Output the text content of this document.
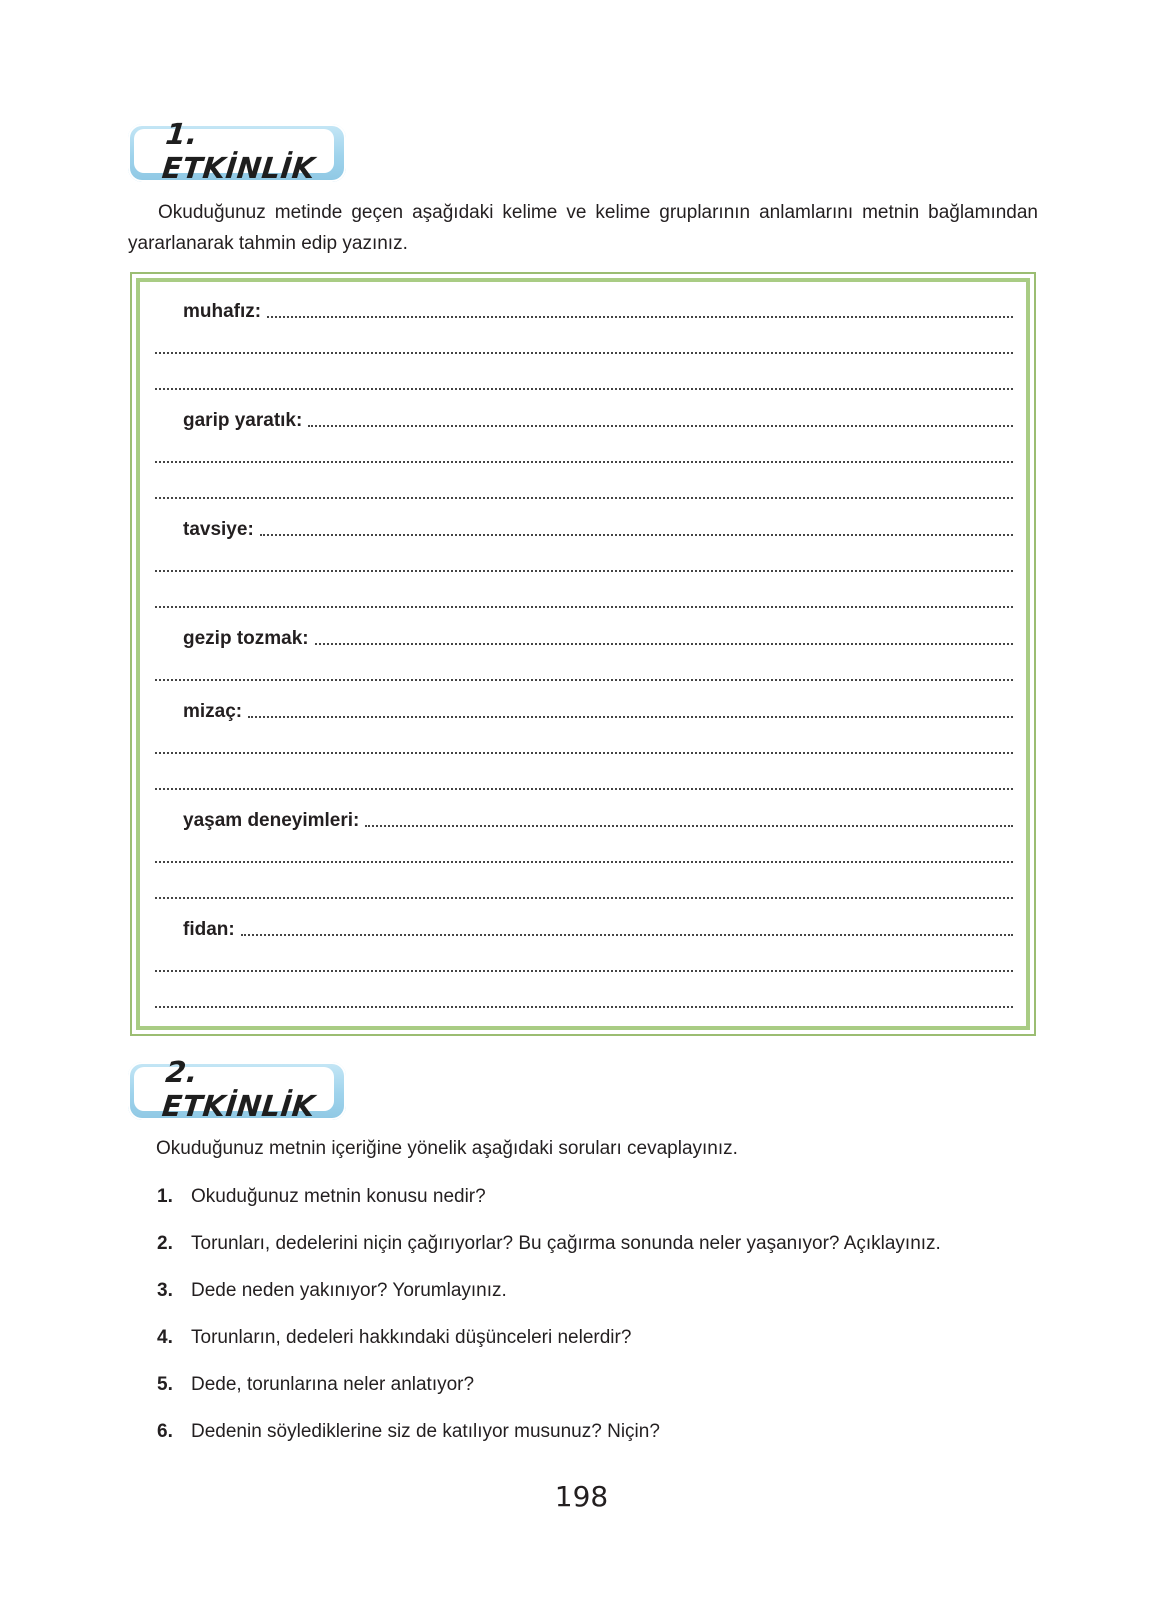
1. ETKİNLİK
Okuduğunuz metinde geçen aşağıdaki kelime ve kelime gruplarının anlamlarını metnin bağlamından yararlanarak tahmin edip yazınız.
muhafız:
garip yaratık:
tavsiye:
gezip tozmak:
mizaç:
yaşam deneyimleri:
fidan:
2. ETKİNLİK
Okuduğunuz metnin içeriğine yönelik aşağıdaki soruları cevaplayınız.
1. Okuduğunuz metnin konusu nedir?
2. Torunları, dedelerini niçin çağırıyorlar? Bu çağırma sonunda neler yaşanıyor? Açıklayınız.
3. Dede neden yakınıyor? Yorumlayınız.
4. Torunların, dedeleri hakkındaki düşünceleri nelerdir?
5. Dede, torunlarına neler anlatıyor?
6. Dedenin söylediklerine siz de katılıyor musunuz? Niçin?
198
